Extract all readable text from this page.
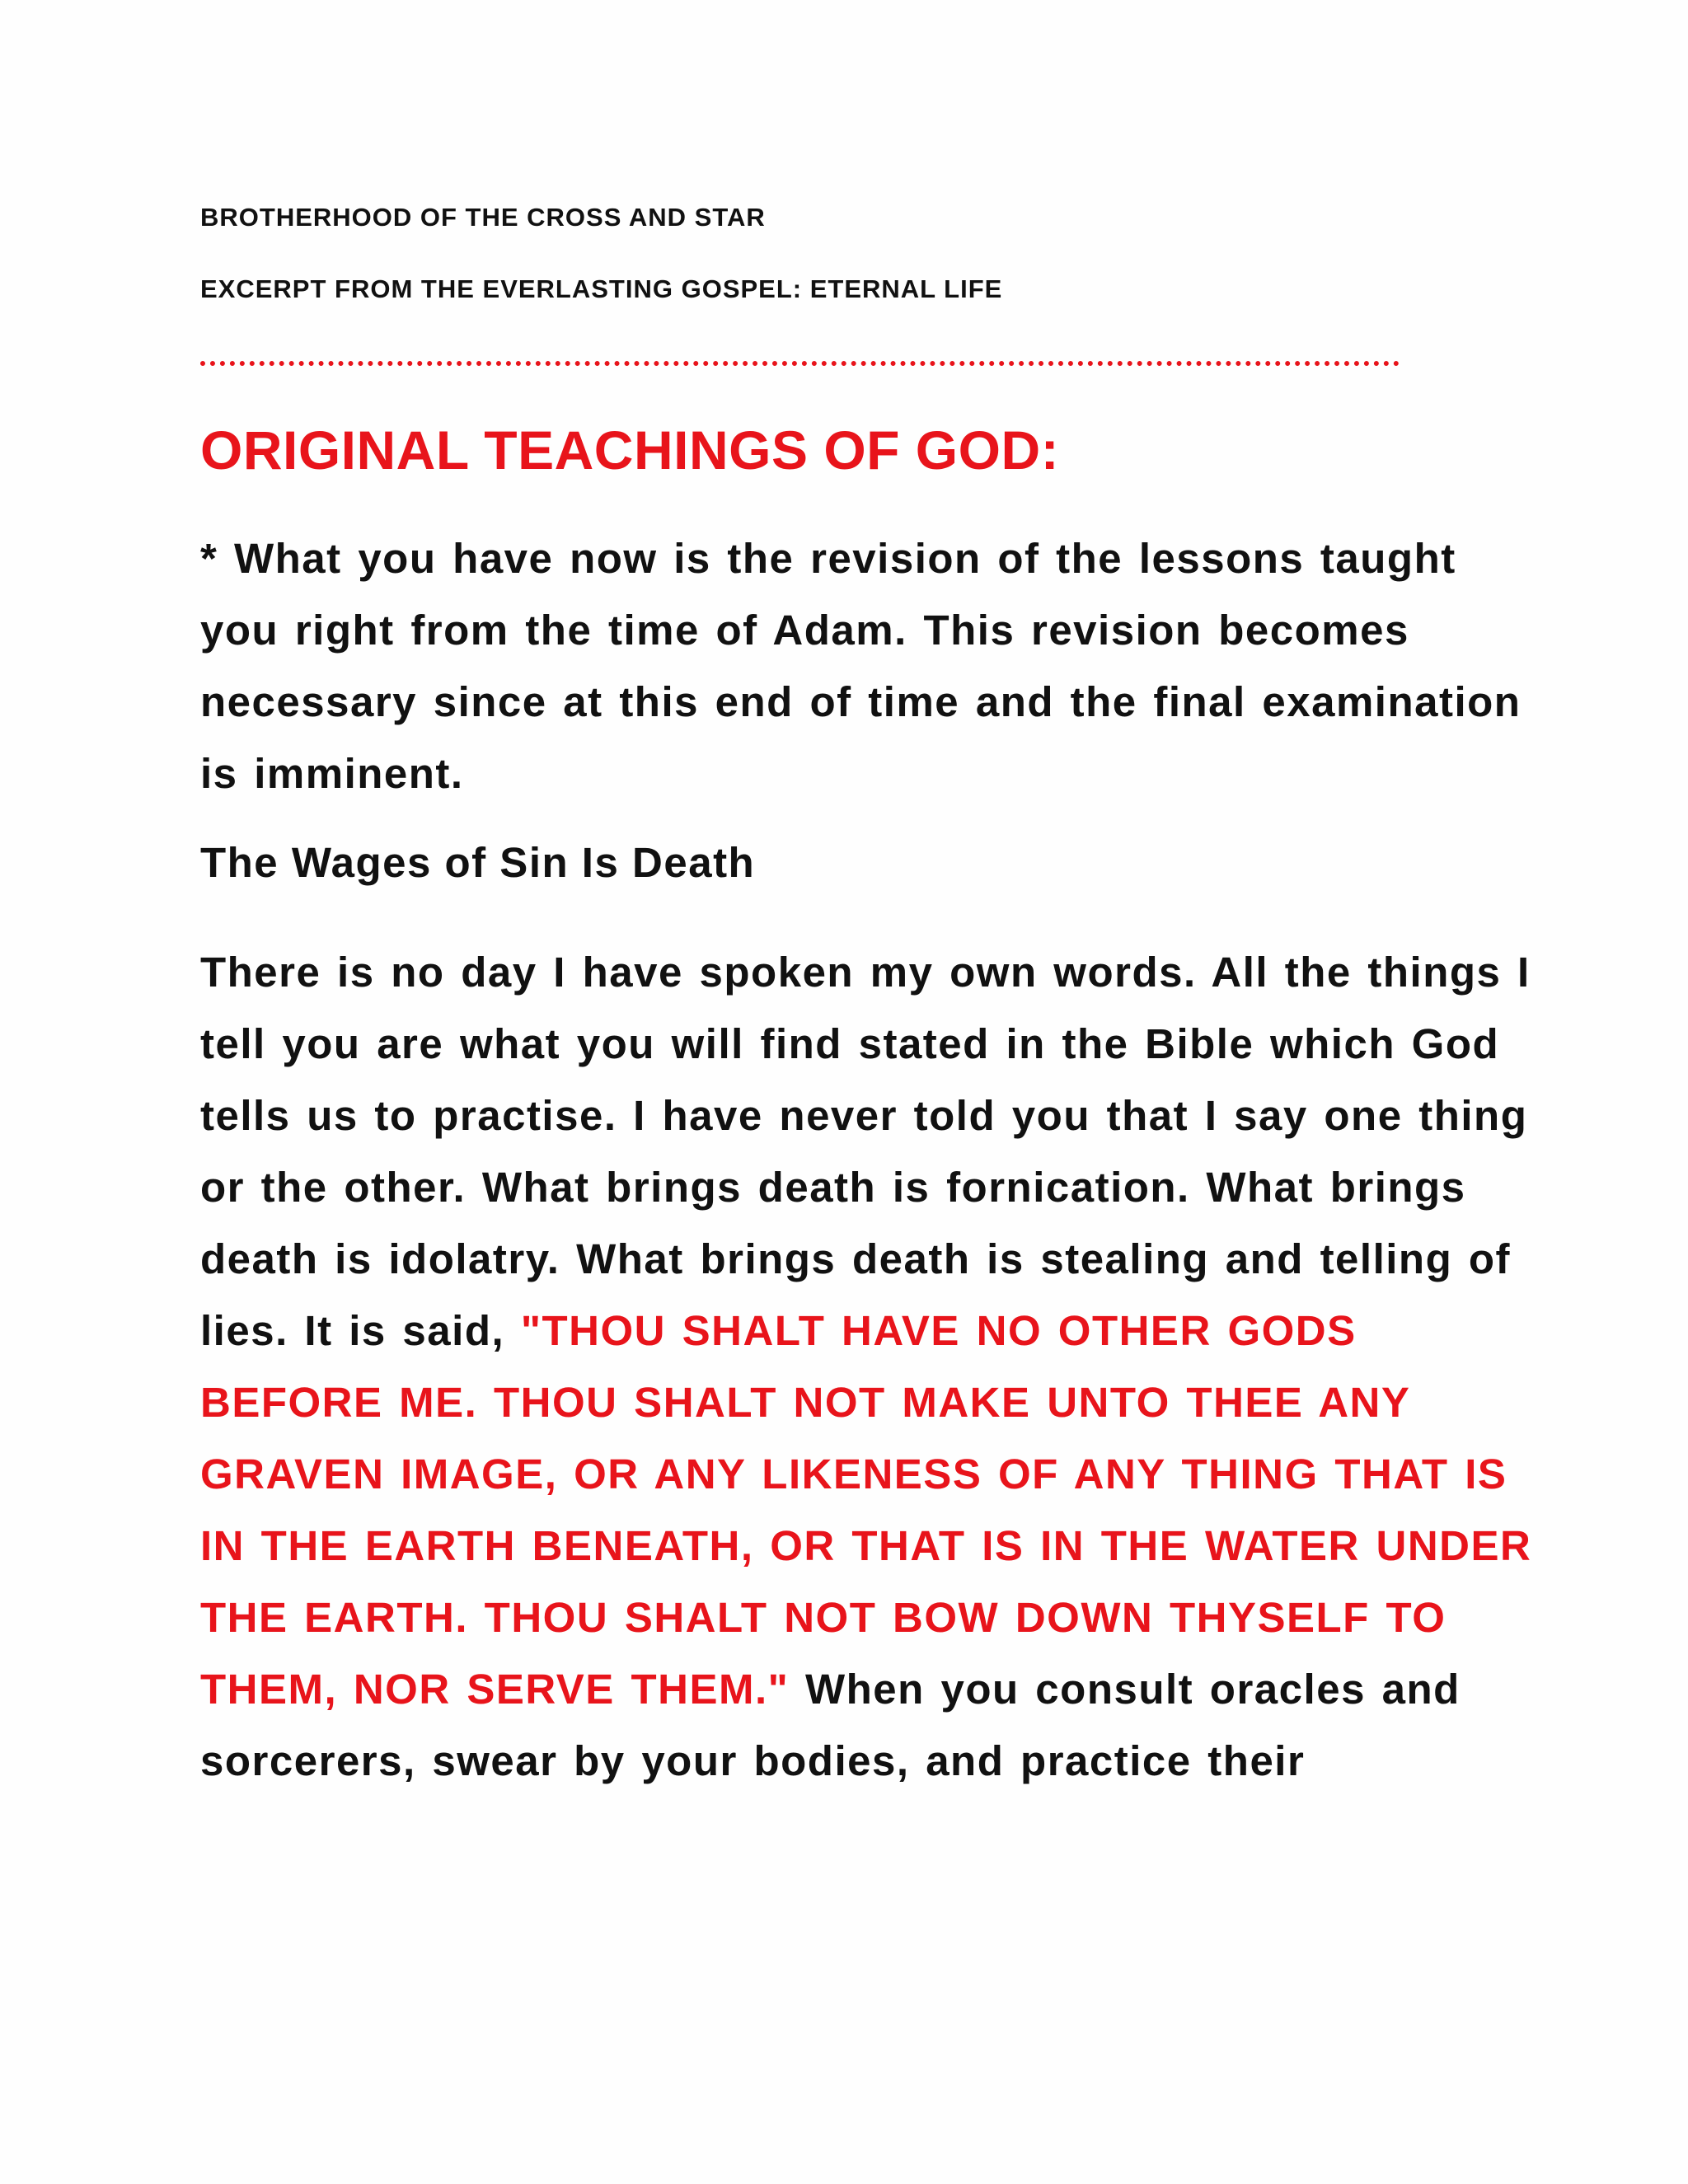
BROTHERHOOD OF THE CROSS AND STAR
EXCERPT FROM THE EVERLASTING GOSPEL: ETERNAL LIFE
ORIGINAL TEACHINGS OF GOD:
* What you have now is the revision of the lessons taught you right from the time of Adam. This revision becomes necessary since at this end of time and the final examination is imminent.
The Wages of Sin Is Death
There is no day I have spoken my own words. All the things I tell you are what you will find stated in the Bible which God tells us to practise. I have never told you that I say one thing or the other. What brings death is fornication. What brings death is idolatry. What brings death is stealing and telling of lies. It is said, "THOU SHALT HAVE NO OTHER GODS BEFORE ME. THOU SHALT NOT MAKE UNTO THEE ANY GRAVEN IMAGE, OR ANY LIKENESS OF ANY THING THAT IS IN THE EARTH BENEATH, OR THAT IS IN THE WATER UNDER THE EARTH. THOU SHALT NOT BOW DOWN THYSELF TO THEM, NOR SERVE THEM." When you consult oracles and sorcerers, swear by your bodies, and practice their
